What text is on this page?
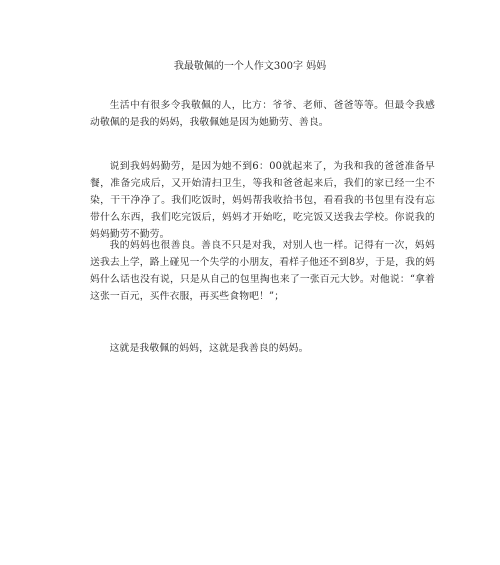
我最敬佩的一个人作文300字 妈妈

生活中有很多令我敬佩的人，比方：爷爷、老师、爸爸等等。但最令我感动敬佩的是我的妈妈，我敬佩她是因为她勤劳、善良。

说到我妈妈勤劳，是因为她不到6：00就起来了，为我和我的爸爸准备早餐，准备完成后，又开始清扫卫生，等我和爸爸起来后，我们的家已经一尘不染，干干净净了。我们吃饭时，妈妈帮我收拾书包，看看我的书包里有没有忘带什么东西，我们吃完饭后，妈妈才开始吃，吃完饭又送我去学校。你说我的妈妈勤劳不勤劳。

我的妈妈也很善良。善良不只是对我，对别人也一样。记得有一次，妈妈送我去上学，路上碰见一个失学的小朋友，看样子他还不到8岁，于是，我的妈妈什么话也没有说，只是从自己的包里掏也来了一张百元大钞。对他说：“拿着这张一百元，买件衣服，再买些食物吧！”；

这就是我敬佩的妈妈，这就是我善良的妈妈。
